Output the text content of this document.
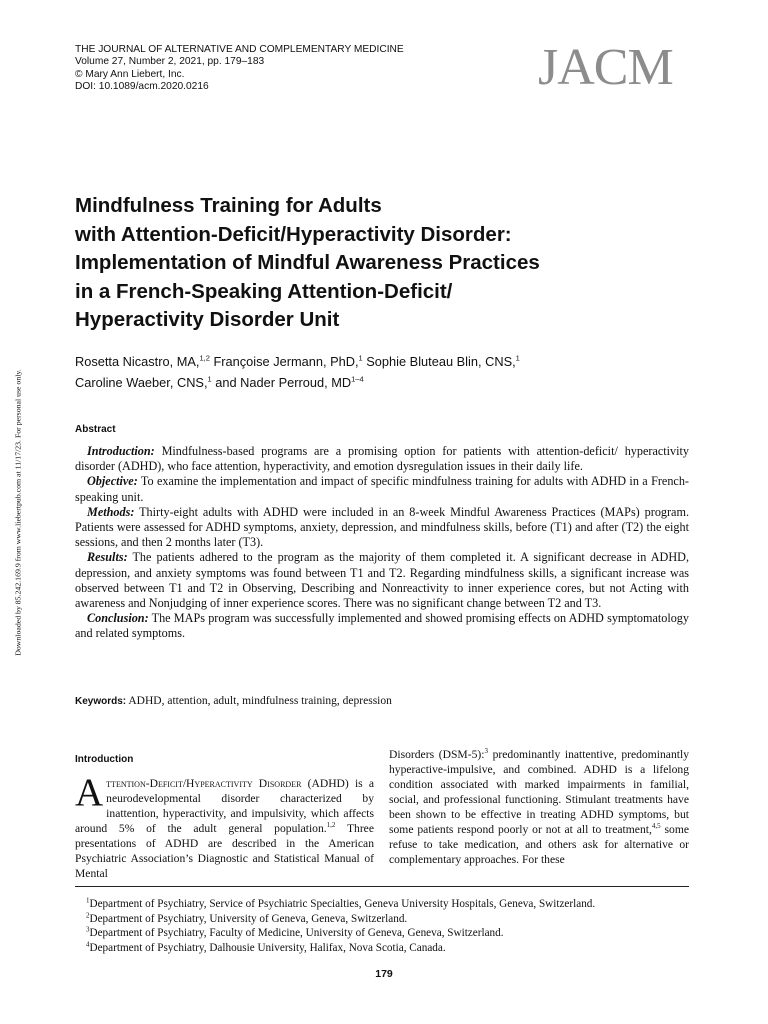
THE JOURNAL OF ALTERNATIVE AND COMPLEMENTARY MEDICINE
Volume 27, Number 2, 2021, pp. 179–183
© Mary Ann Liebert, Inc.
DOI: 10.1089/acm.2020.0216	JACM
Downloaded by 85.242.169.9 from www.liebertpub.com at 11/17/23. For personal use only.
Mindfulness Training for Adults
with Attention-Deficit/Hyperactivity Disorder:
Implementation of Mindful Awareness Practices
in a French-Speaking Attention-Deficit/
Hyperactivity Disorder Unit
Rosetta Nicastro, MA,$^{1,2}$ Françoise Jermann, PhD,$^1$ Sophie Bluteau Blin, CNS,$^1$
Caroline Waeber, CNS,$^1$ and Nader Perroud, MD$^{1-4}$
Abstract

Introduction: Mindfulness-based programs are a promising option for patients with attention-deficit/ hyperactivity disorder (ADHD), who face attention, hyperactivity, and emotion dysregulation issues in their daily life.

Objective: To examine the implementation and impact of specific mindfulness training for adults with ADHD in a French-speaking unit.

Methods: Thirty-eight adults with ADHD were included in an 8-week Mindful Awareness Practices (MAPs) program. Patients were assessed for ADHD symptoms, anxiety, depression, and mindfulness skills, before (T1) and after (T2) the eight sessions, and then 2 months later (T3).

Results: The patients adhered to the program as the majority of them completed it. A significant decrease in ADHD, depression, and anxiety symptoms was found between T1 and T2. Regarding mindfulness skills, a significant increase was observed between T1 and T2 in Observing, Describing and Nonreactivity to inner experience cores, but not Acting with awareness and Nonjudging of inner experience scores. There was no significant change between T2 and T3.

Conclusion: The MAPs program was successfully implemented and showed promising effects on ADHD symptomatology and related symptoms.

Keywords: ADHD, attention, adult, mindfulness training, depression
Introduction
Attention-Deficit/Hyperactivity Disorder (ADHD) is a neurodevelopmental disorder characterized by inattention, hyperactivity, and impulsivity, which affects around 5% of the adult general population.$^{1,2}$ Three presentations of ADHD are described in the American Psychiatric Association’s Diagnostic and Statistical Manual of Mental
Disorders (DSM-5):$^3$ predominantly inattentive, predominantly hyperactive-impulsive, and combined. ADHD is a lifelong condition associated with marked impairments in familial, social, and professional functioning. Stimulant treatments have been shown to be effective in treating ADHD symptoms, but some patients respond poorly or not at all to treatment,$^{4,5}$ some refuse to take medication, and others ask for alternative or complementary approaches. For these
$^1$Department of Psychiatry, Service of Psychiatric Specialties, Geneva University Hospitals, Geneva, Switzerland.
$^2$Department of Psychiatry, University of Geneva, Geneva, Switzerland.
$^3$Department of Psychiatry, Faculty of Medicine, University of Geneva, Geneva, Switzerland.
$^4$Department of Psychiatry, Dalhousie University, Halifax, Nova Scotia, Canada.
179
